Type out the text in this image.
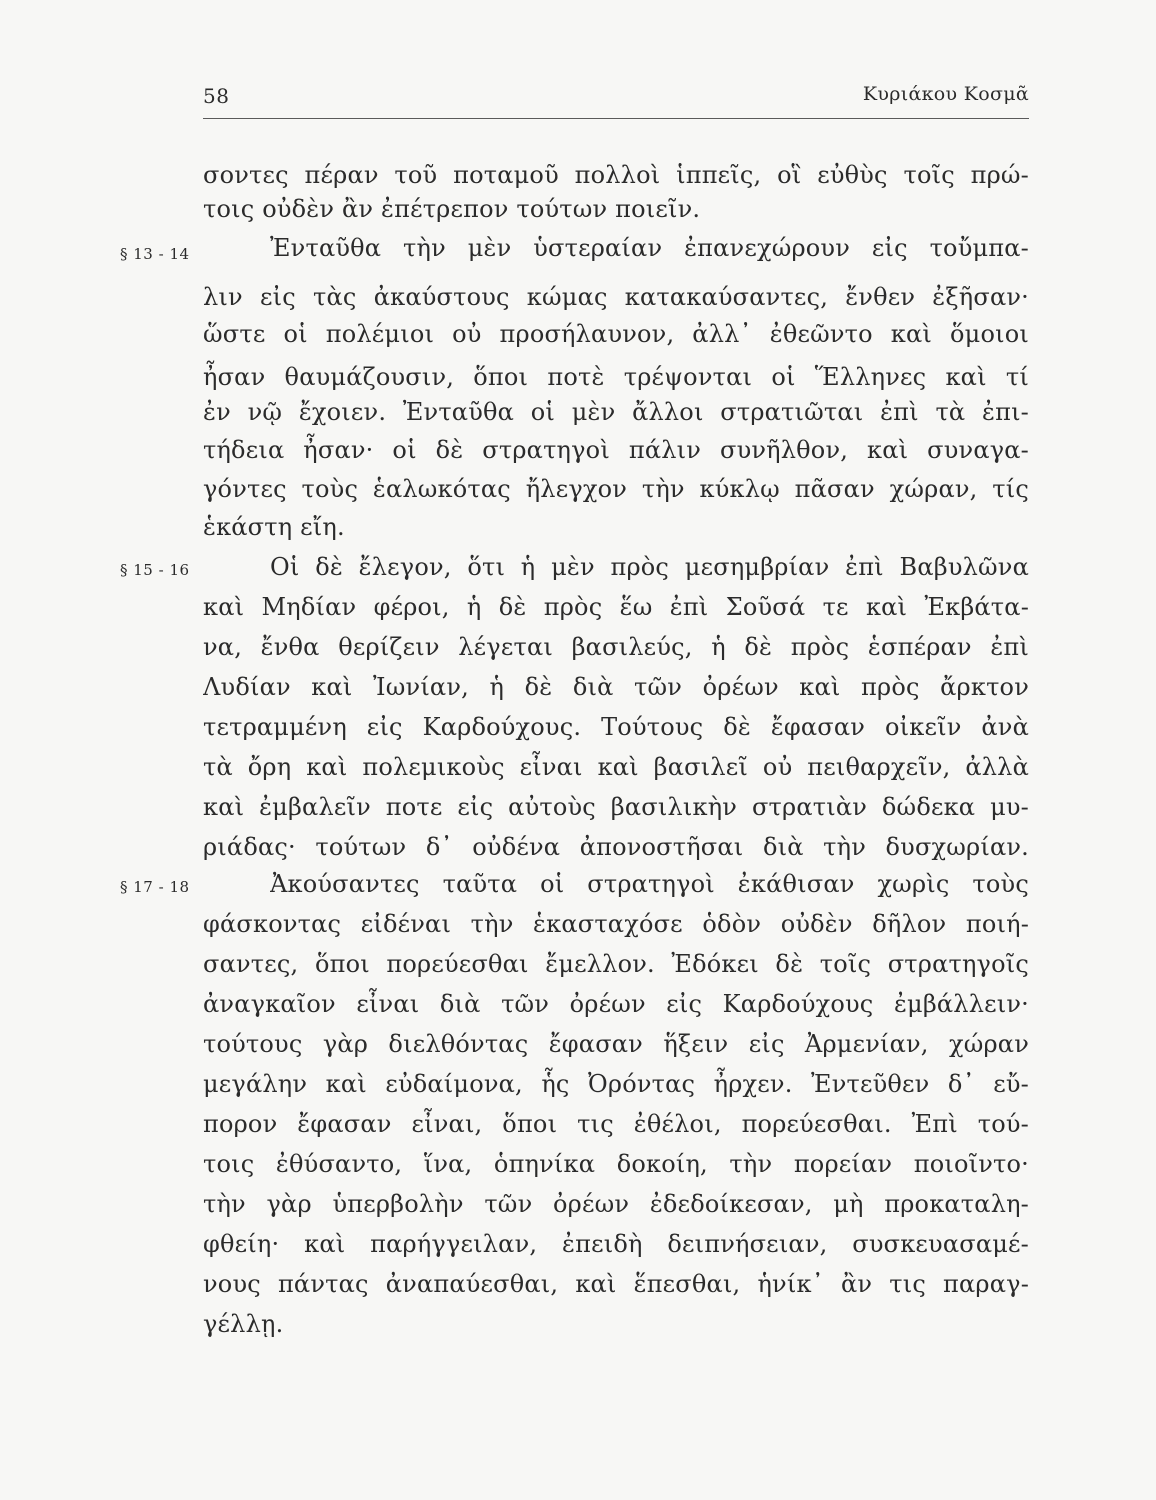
58	Κυριάκου Κοσμᾶ
σοντες πέραν τοῦ ποταμοῦ πολλοὶ ἱππεῖς, οἳ εὐθὺς τοῖς πρώ-
τοις οὐδὲν ἂν ἐπέτρεπον τούτων ποιεῖν.
§ 13 - 14	Ἐνταῦθα τὴν μὲν ὑστεραίαν ἐπανεχώρουν εἰς τοὔμπα-
λιν εἰς τὰς ἀκαύστους κώμας κατακαύσαντες, ἔνθεν ἐξῆσαν·
ὥστε οἱ πολέμιοι οὐ προσήλαυνον, ἀλλ᾽ ἐθεῶντο καὶ ὅμοιοι
ἦσαν θαυμάζουσιν, ὅποι ποτὲ τρέψονται οἱ Ἕλληνες καὶ τί
ἐν νῷ ἔχοιεν. Ἐνταῦθα οἱ μὲν ἄλλοι στρατιῶται ἐπὶ τὰ ἐπι-
τήδεια ἦσαν· οἱ δὲ στρατηγοὶ πάλιν συνῆλθον, καὶ συναγα-
γόντες τοὺς ἑαλωκότας ἤλεγχον τὴν κύκλῳ πᾶσαν χώραν, τίς
ἑκάστη εἴη.
§ 15 - 16	Οἱ δὲ ἔλεγον, ὅτι ἡ μὲν πρὸς μεσημβρίαν ἐπὶ Βαβυλῶνα
καὶ Μηδίαν φέροι, ἡ δὲ πρὸς ἕω ἐπὶ Σοῦσά τε καὶ Ἐκβάτα-
να, ἔνθα θερίζειν λέγεται βασιλεύς, ἡ δὲ πρὸς ἑσπέραν ἐπὶ
Λυδίαν καὶ Ἰωνίαν, ἡ δὲ διὰ τῶν ὀρέων καὶ πρὸς ἄρκτον
τετραμμένη εἰς Καρδούχους. Τούτους δὲ ἔφασαν οἰκεῖν ἀνὰ
τὰ ὄρη καὶ πολεμικοὺς εἶναι καὶ βασιλεῖ οὐ πειθαρχεῖν, ἀλλὰ
καὶ ἐμβαλεῖν ποτε εἰς αὐτοὺς βασιλικὴν στρατιὰν δώδεκα μυ-
ριάδας· τούτων δ᾽ οὐδένα ἀπονοστῆσαι διὰ τὴν δυσχωρίαν.
§ 17 - 18	Ἀκούσαντες ταῦτα οἱ στρατηγοὶ ἐκάθισαν χωρὶς τοὺς
φάσκοντας εἰδέναι τὴν ἑκασταχόσε ὁδὸν οὐδὲν δῆλον ποιή-
σαντες, ὅποι πορεύεσθαι ἔμελλον. Ἐδόκει δὲ τοῖς στρατηγοῖς
ἀναγκαῖον εἶναι διὰ τῶν ὀρέων εἰς Καρδούχους ἐμβάλλειν·
τούτους γὰρ διελθόντας ἔφασαν ἥξειν εἰς Ἀρμενίαν, χώραν
μεγάλην καὶ εὐδαίμονα, ἧς Ὀρόντας ἦρχεν. Ἐντεῦθεν δ᾽ εὔ-
πορον ἔφασαν εἶναι, ὅποι τις ἐθέλοι, πορεύεσθαι. Ἐπὶ τού-
τοις ἐθύσαντο, ἵνα, ὁπηνίκα δοκοίη, τὴν πορείαν ποιοῖντο·
τὴν γὰρ ὑπερβολὴν τῶν ὀρέων ἐδεδοίκεσαν, μὴ προκαταλη-
φθείη· καὶ παρήγγειλαν, ἐπειδὴ δειπνήσειαν, συσκευασαμέ-
νους πάντας ἀναπαύεσθαι, καὶ ἕπεσθαι, ἡνίκ᾽ ἂν τις παραγ-
γέλλῃ.
